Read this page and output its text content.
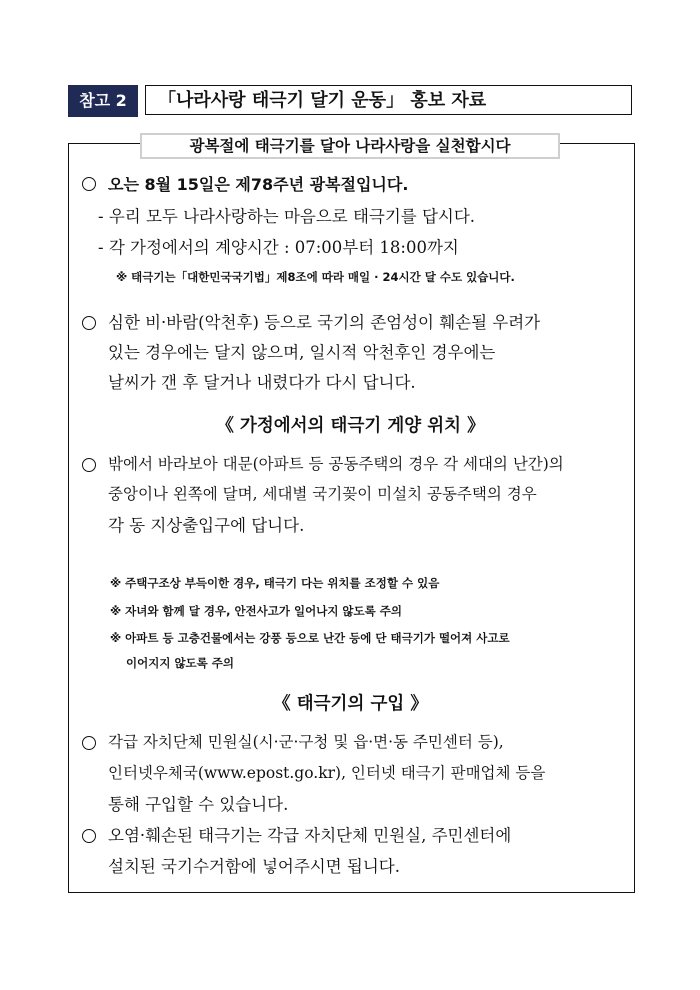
참고 2	「나라사랑 태극기 달기 운동」 홍보 자료
광복절에 태극기를 달아 나라사랑을 실천합시다
오는 8월 15일은 제78주년 광복절입니다.
- 우리 모두 나라사랑하는 마음으로 태극기를 답시다.
- 각 가정에서의 계양시간 : 07:00부터 18:00까지
※ 태극기는「대한민국국기법」제8조에 따라 매일 · 24시간 달 수도 있습니다.
심한 비·바람(악천후) 등으로 국기의 존엄성이 훼손될 우려가
있는 경우에는 달지 않으며, 일시적 악천후인 경우에는
날씨가 갠 후 달거나 내렸다가 다시 답니다.
《 가정에서의 태극기 게양 위치 》
밖에서 바라보아 대문(아파트 등 공동주택의 경우 각 세대의 난간)의
중앙이나 왼쪽에 달며, 세대별 국기꽂이 미설치 공동주택의 경우
각 동 지상출입구에 답니다.
※ 주택구조상 부득이한 경우, 태극기 다는 위치를 조정할 수 있음
※ 자녀와 함께 달 경우, 안전사고가 일어나지 않도록 주의
※ 아파트 등 고층건물에서는 강풍 등으로 난간 등에 단 태극기가 떨어져 사고로
이어지지 않도록 주의
《 태극기의 구입 》
각급 자치단체 민원실(시·군·구청 및 읍·면·동 주민센터 등),
인터넷우체국(www.epost.go.kr), 인터넷 태극기 판매업체 등을
통해 구입할 수 있습니다.
오염·훼손된 태극기는 각급 자치단체 민원실, 주민센터에
설치된 국기수거함에 넣어주시면 됩니다.
